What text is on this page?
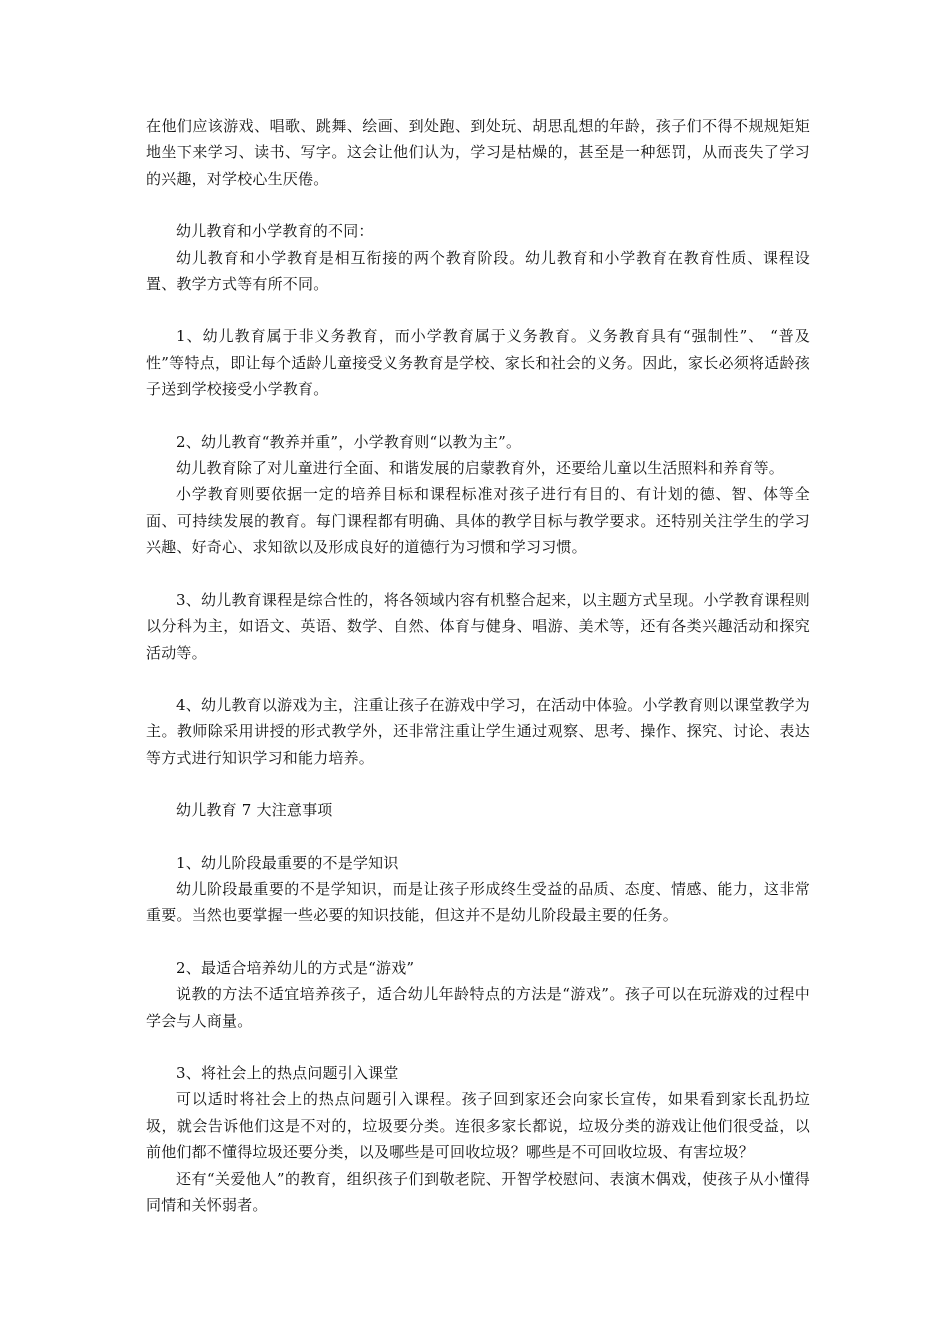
在他们应该游戏、唱歌、跳舞、绘画、到处跑、到处玩、胡思乱想的年龄，孩子们不得不规规矩矩地坐下来学习、读书、写字。这会让他们认为，学习是枯燥的，甚至是一种惩罚，从而丧失了学习的兴趣，对学校心生厌倦。

幼儿教育和小学教育的不同：

幼儿教育和小学教育是相互衔接的两个教育阶段。幼儿教育和小学教育在教育性质、课程设置、教学方式等有所不同。

1、幼儿教育属于非义务教育，而小学教育属于义务教育。义务教育具有“强制性”、 “普及性”等特点，即让每个适龄儿童接受义务教育是学校、家长和社会的义务。因此，家长必须将适龄孩子送到学校接受小学教育。

2、幼儿教育“教养并重”，小学教育则“以教为主”。

幼儿教育除了对儿童进行全面、和谐发展的启蒙教育外，还要给儿童以生活照料和养育等。

小学教育则要依据一定的培养目标和课程标准对孩子进行有目的、有计划的德、智、体等全面、可持续发展的教育。每门课程都有明确、具体的教学目标与教学要求。还特别关注学生的学习兴趣、好奇心、求知欲以及形成良好的道德行为习惯和学习习惯。

3、幼儿教育课程是综合性的，将各领域内容有机整合起来，以主题方式呈现。小学教育课程则以分科为主，如语文、英语、数学、自然、体育与健身、唱游、美术等，还有各类兴趣活动和探究活动等。

4、幼儿教育以游戏为主，注重让孩子在游戏中学习，在活动中体验。小学教育则以课堂教学为主。教师除采用讲授的形式教学外，还非常注重让学生通过观察、思考、操作、探究、讨论、表达等方式进行知识学习和能力培养。

幼儿教育 7 大注意事项

1、幼儿阶段最重要的不是学知识

幼儿阶段最重要的不是学知识，而是让孩子形成终生受益的品质、态度、情感、能力，这非常重要。当然也要掌握一些必要的知识技能，但这并不是幼儿阶段最主要的任务。

2、最适合培养幼儿的方式是“游戏”

说教的方法不适宜培养孩子，适合幼儿年龄特点的方法是“游戏”。孩子可以在玩游戏的过程中学会与人商量。

3、将社会上的热点问题引入课堂

可以适时将社会上的热点问题引入课程。孩子回到家还会向家长宣传，如果看到家长乱扔垃圾，就会告诉他们这是不对的，垃圾要分类。连很多家长都说，垃圾分类的游戏让他们很受益，以前他们都不懂得垃圾还要分类，以及哪些是可回收垃圾？哪些是不可回收垃圾、有害垃圾？

还有“关爱他人”的教育，组织孩子们到敬老院、开智学校慰问、表演木偶戏，使孩子从小懂得同情和关怀弱者。
